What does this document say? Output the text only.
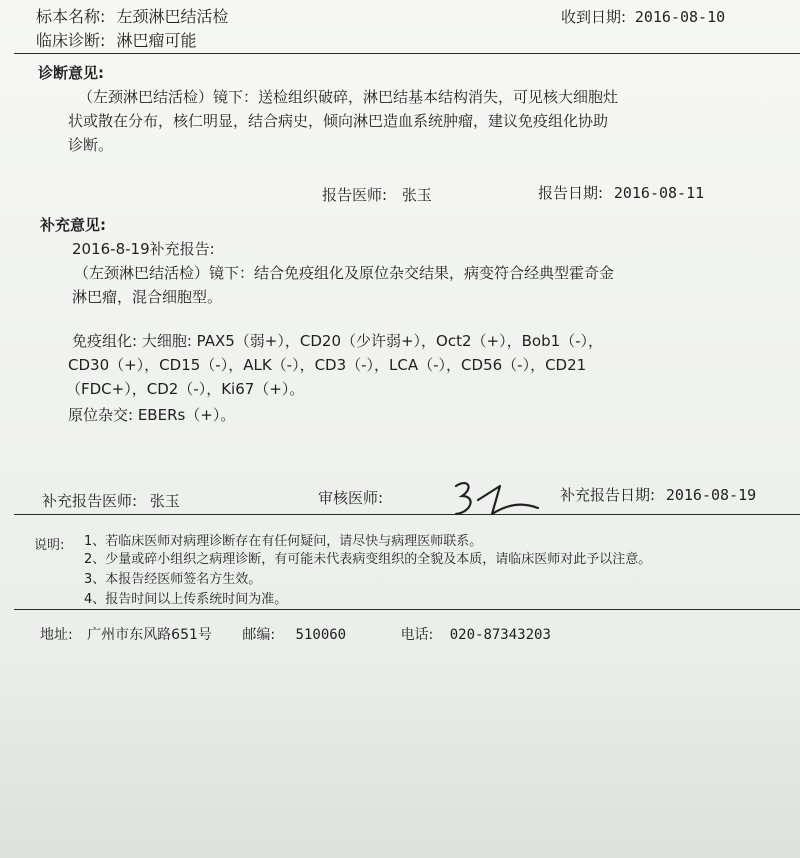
标本名称: 左颈淋巴结活检	收到日期: 2016-08-10
临床诊断: 淋巴瘤可能
诊断意见:
（左颈淋巴结活检）镜下：送检组织破碎，淋巴结基本结构消失，可见核大细胞灶
状或散在分布，核仁明显，结合病史，倾向淋巴造血系统肿瘤，建议免疫组化协助
诊断。
报告医师: 张玉	报告日期: 2016-08-11
补充意见:
2016-8-19补充报告:
（左颈淋巴结活检）镜下：结合免疫组化及原位杂交结果，病变符合经典型霍奇金
淋巴瘤，混合细胞型。
免疫组化: 大细胞: PAX5（弱+），CD20（少许弱+），Oct2（+），Bob1（-），
CD30（+），CD15（-），ALK（-），CD3（-），LCA（-），CD56（-），CD21
（FDC+），CD2（-），Ki67（+）。
原位杂交: EBERs（+）。
补充报告医师: 张玉	审核医师:	补充报告日期: 2016-08-19
说明: 1、若临床医师对病理诊断存在有任何疑问，请尽快与病理医师联系。
2、少量或碎小组织之病理诊断，有可能未代表病变组织的全貌及本质，请临床医师对此予以注意。
3、本报告经医师签名方生效。
4、报告时间以上传系统时间为准。
地址: 广州市东风路651号 邮编: 510060	电话: 020-87343203
